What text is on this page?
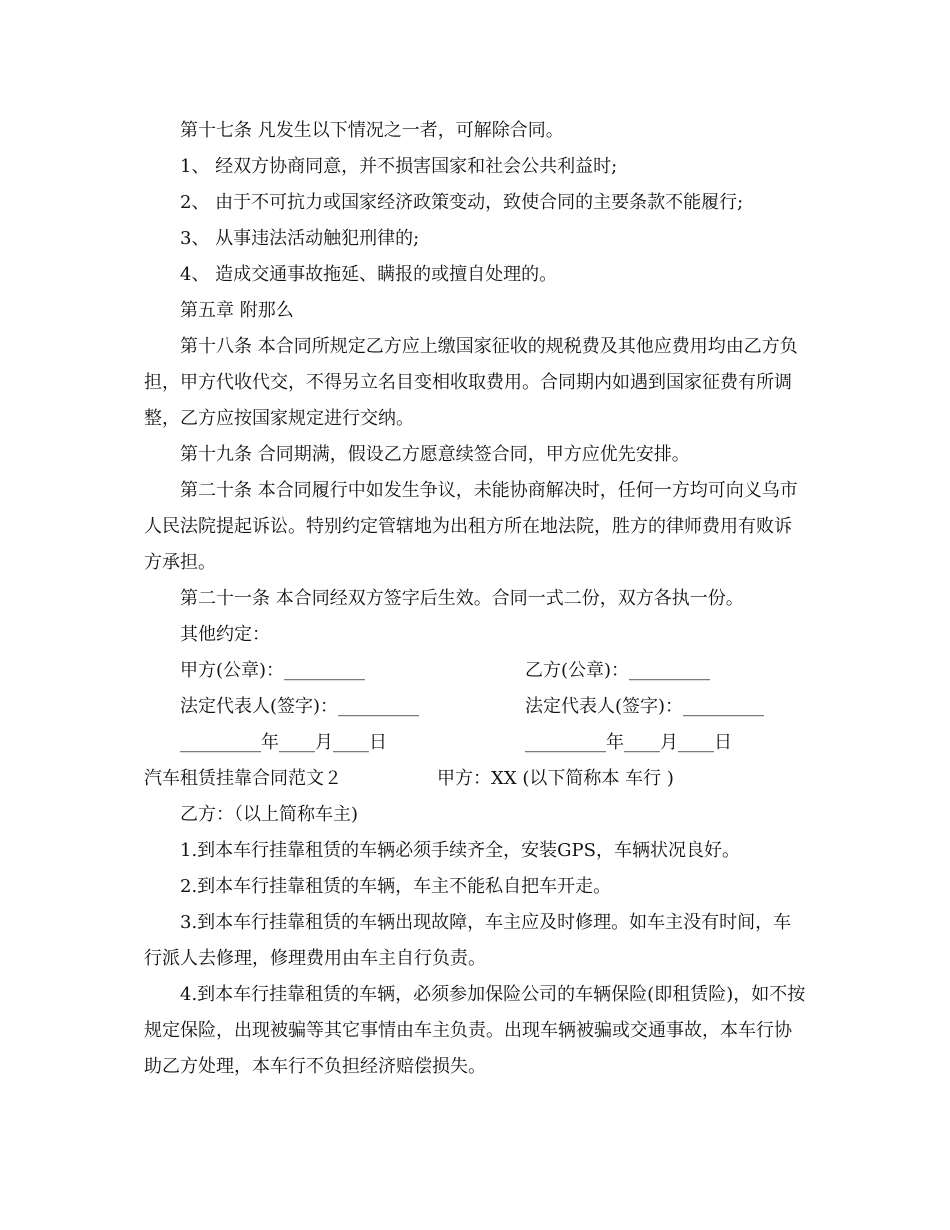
第十七条 凡发生以下情况之一者，可解除合同。

1、 经双方协商同意，并不损害国家和社会公共利益时;

2、 由于不可抗力或国家经济政策变动，致使合同的主要条款不能履行;

3、 从事违法活动触犯刑律的;

4、 造成交通事故拖延、瞒报的或擅自处理的。

第五章 附那么

第十八条 本合同所规定乙方应上缴国家征收的规税费及其他应费用均由乙方负担，甲方代收代交，不得另立名目变相收取费用。合同期内如遇到国家征费有所调整，乙方应按国家规定进行交纳。

第十九条 合同期满，假设乙方愿意续签合同，甲方应优先安排。

第二十条 本合同履行中如发生争议，未能协商解决时，任何一方均可向义乌市人民法院提起诉讼。特别约定管辖地为出租方所在地法院，胜方的律师费用有败诉方承担。

第二十一条 本合同经双方签字后生效。合同一式二份，双方各执一份。

其他约定：

甲方(公章)：_________	乙方(公章)：_________
法定代表人(签字)：_________	法定代表人(签字)：_________
_________年____月____日	_________年____月____日

汽车租赁挂靠合同范文２

	甲方：XX (以下简称本 车行 )

乙方：（以上简称车主)

1.到本车行挂靠租赁的车辆必须手续齐全，安装GPS，车辆状况良好。

2.到本车行挂靠租赁的车辆，车主不能私自把车开走。

3.到本车行挂靠租赁的车辆出现故障，车主应及时修理。如车主没有时间，车行派人去修理，修理费用由车主自行负责。

4.到本车行挂靠租赁的车辆，必须参加保险公司的车辆保险(即租赁险)，如不按规定保险，出现被骗等其它事情由车主负责。出现车辆被骗或交通事故，本车行协助乙方处理，本车行不负担经济赔偿损失。
